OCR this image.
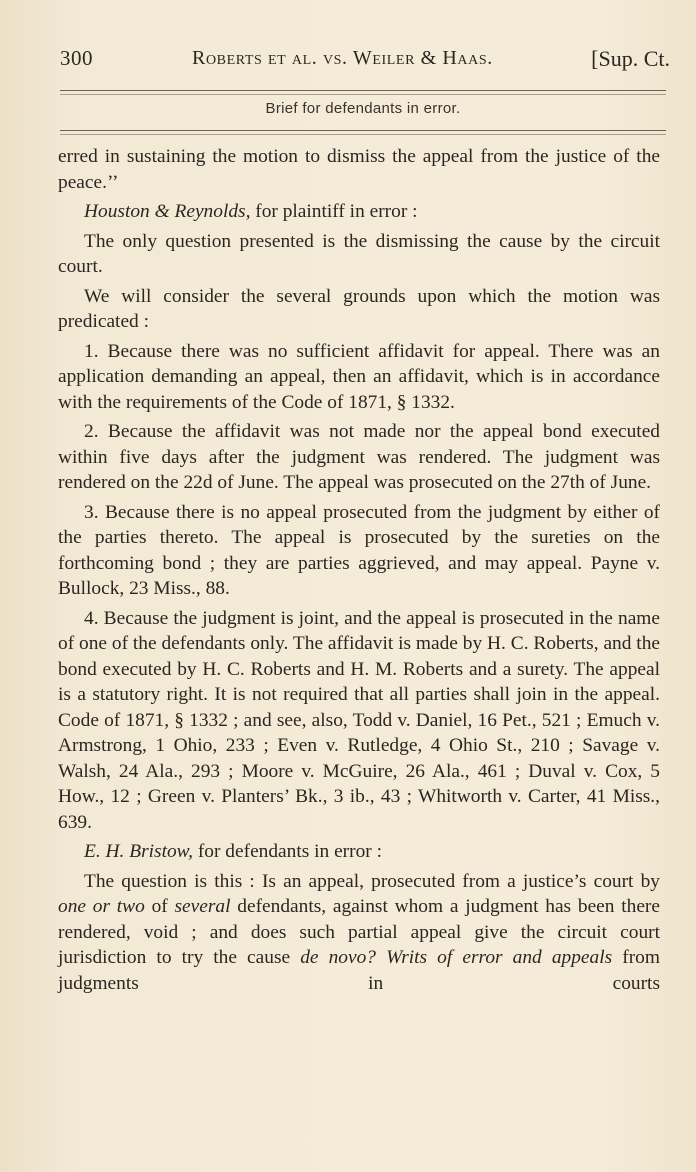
300	Roberts et al. vs. Weiler & Haas.	[Sup. Ct.
Brief for defendants in error.

erred in sustaining the motion to dismiss the appeal from the justice of the peace.’’

Houston & Reynolds, for plaintiff in error :

The only question presented is the dismissing the cause by the circuit court.

We will consider the several grounds upon which the motion was predicated :

1. Because there was no sufficient affidavit for appeal. There was an application demanding an appeal, then an affidavit, which is in accordance with the requirements of the Code of 1871, § 1332.

2. Because the affidavit was not made nor the appeal bond executed within five days after the judgment was rendered. The judgment was rendered on the 22d of June. The appeal was prosecuted on the 27th of June.

3. Because there is no appeal prosecuted from the judgment by either of the parties thereto. The appeal is prosecuted by the sureties on the forthcoming bond ; they are parties aggrieved, and may appeal. Payne v. Bullock, 23 Miss., 88.

4. Because the judgment is joint, and the appeal is prosecuted in the name of one of the defendants only. The affidavit is made by H. C. Roberts, and the bond executed by H. C. Roberts and H. M. Roberts and a surety. The appeal is a statutory right. It is not required that all parties shall join in the appeal. Code of 1871, § 1332 ; and see, also, Todd v. Daniel, 16 Pet., 521 ; Emuch v. Armstrong, 1 Ohio, 233 ; Even v. Rutledge, 4 Ohio St., 210 ; Savage v. Walsh, 24 Ala., 293 ; Moore v. McGuire, 26 Ala., 461 ; Duval v. Cox, 5 How., 12 ; Green v. Planters’ Bk., 3 ib., 43 ; Whitworth v. Carter, 41 Miss., 639.

E. H. Bristow, for defendants in error :

The question is this : Is an appeal, prosecuted from a justice’s court by one or two of several defendants, against whom a judgment has been there rendered, void ; and does such partial appeal give the circuit court jurisdiction to try the cause de novo? Writs of error and appeals from judgments in courts
